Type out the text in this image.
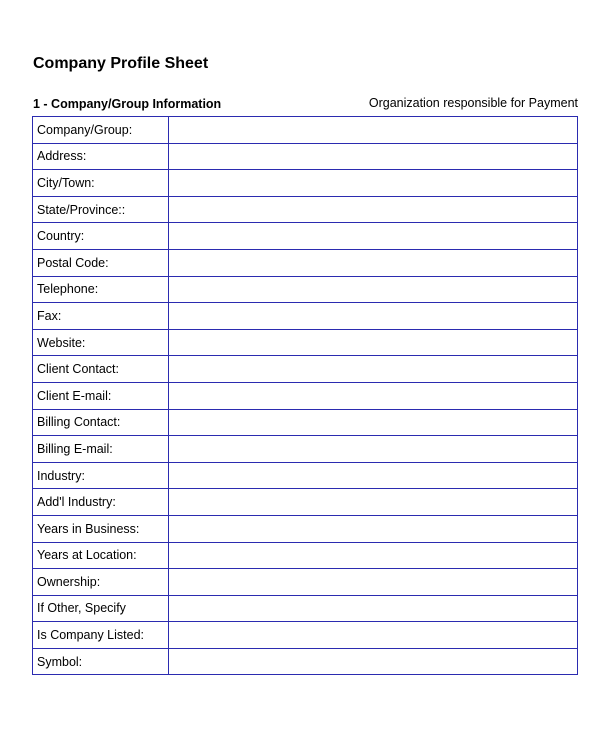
Company Profile Sheet
1 - Company/Group Information	Organization responsible for Payment
Company/Group:	
Address:	
City/Town:	
State/Province::	
Country:	
Postal Code:	
Telephone:	
Fax:	
Website:	
Client Contact:	
Client E-mail:	
Billing Contact:	
Billing E-mail:	
Industry:	
Add'l Industry:	
Years in Business:	
Years at Location:	
Ownership:	
If Other, Specify	
Is Company Listed:	
Symbol:	
